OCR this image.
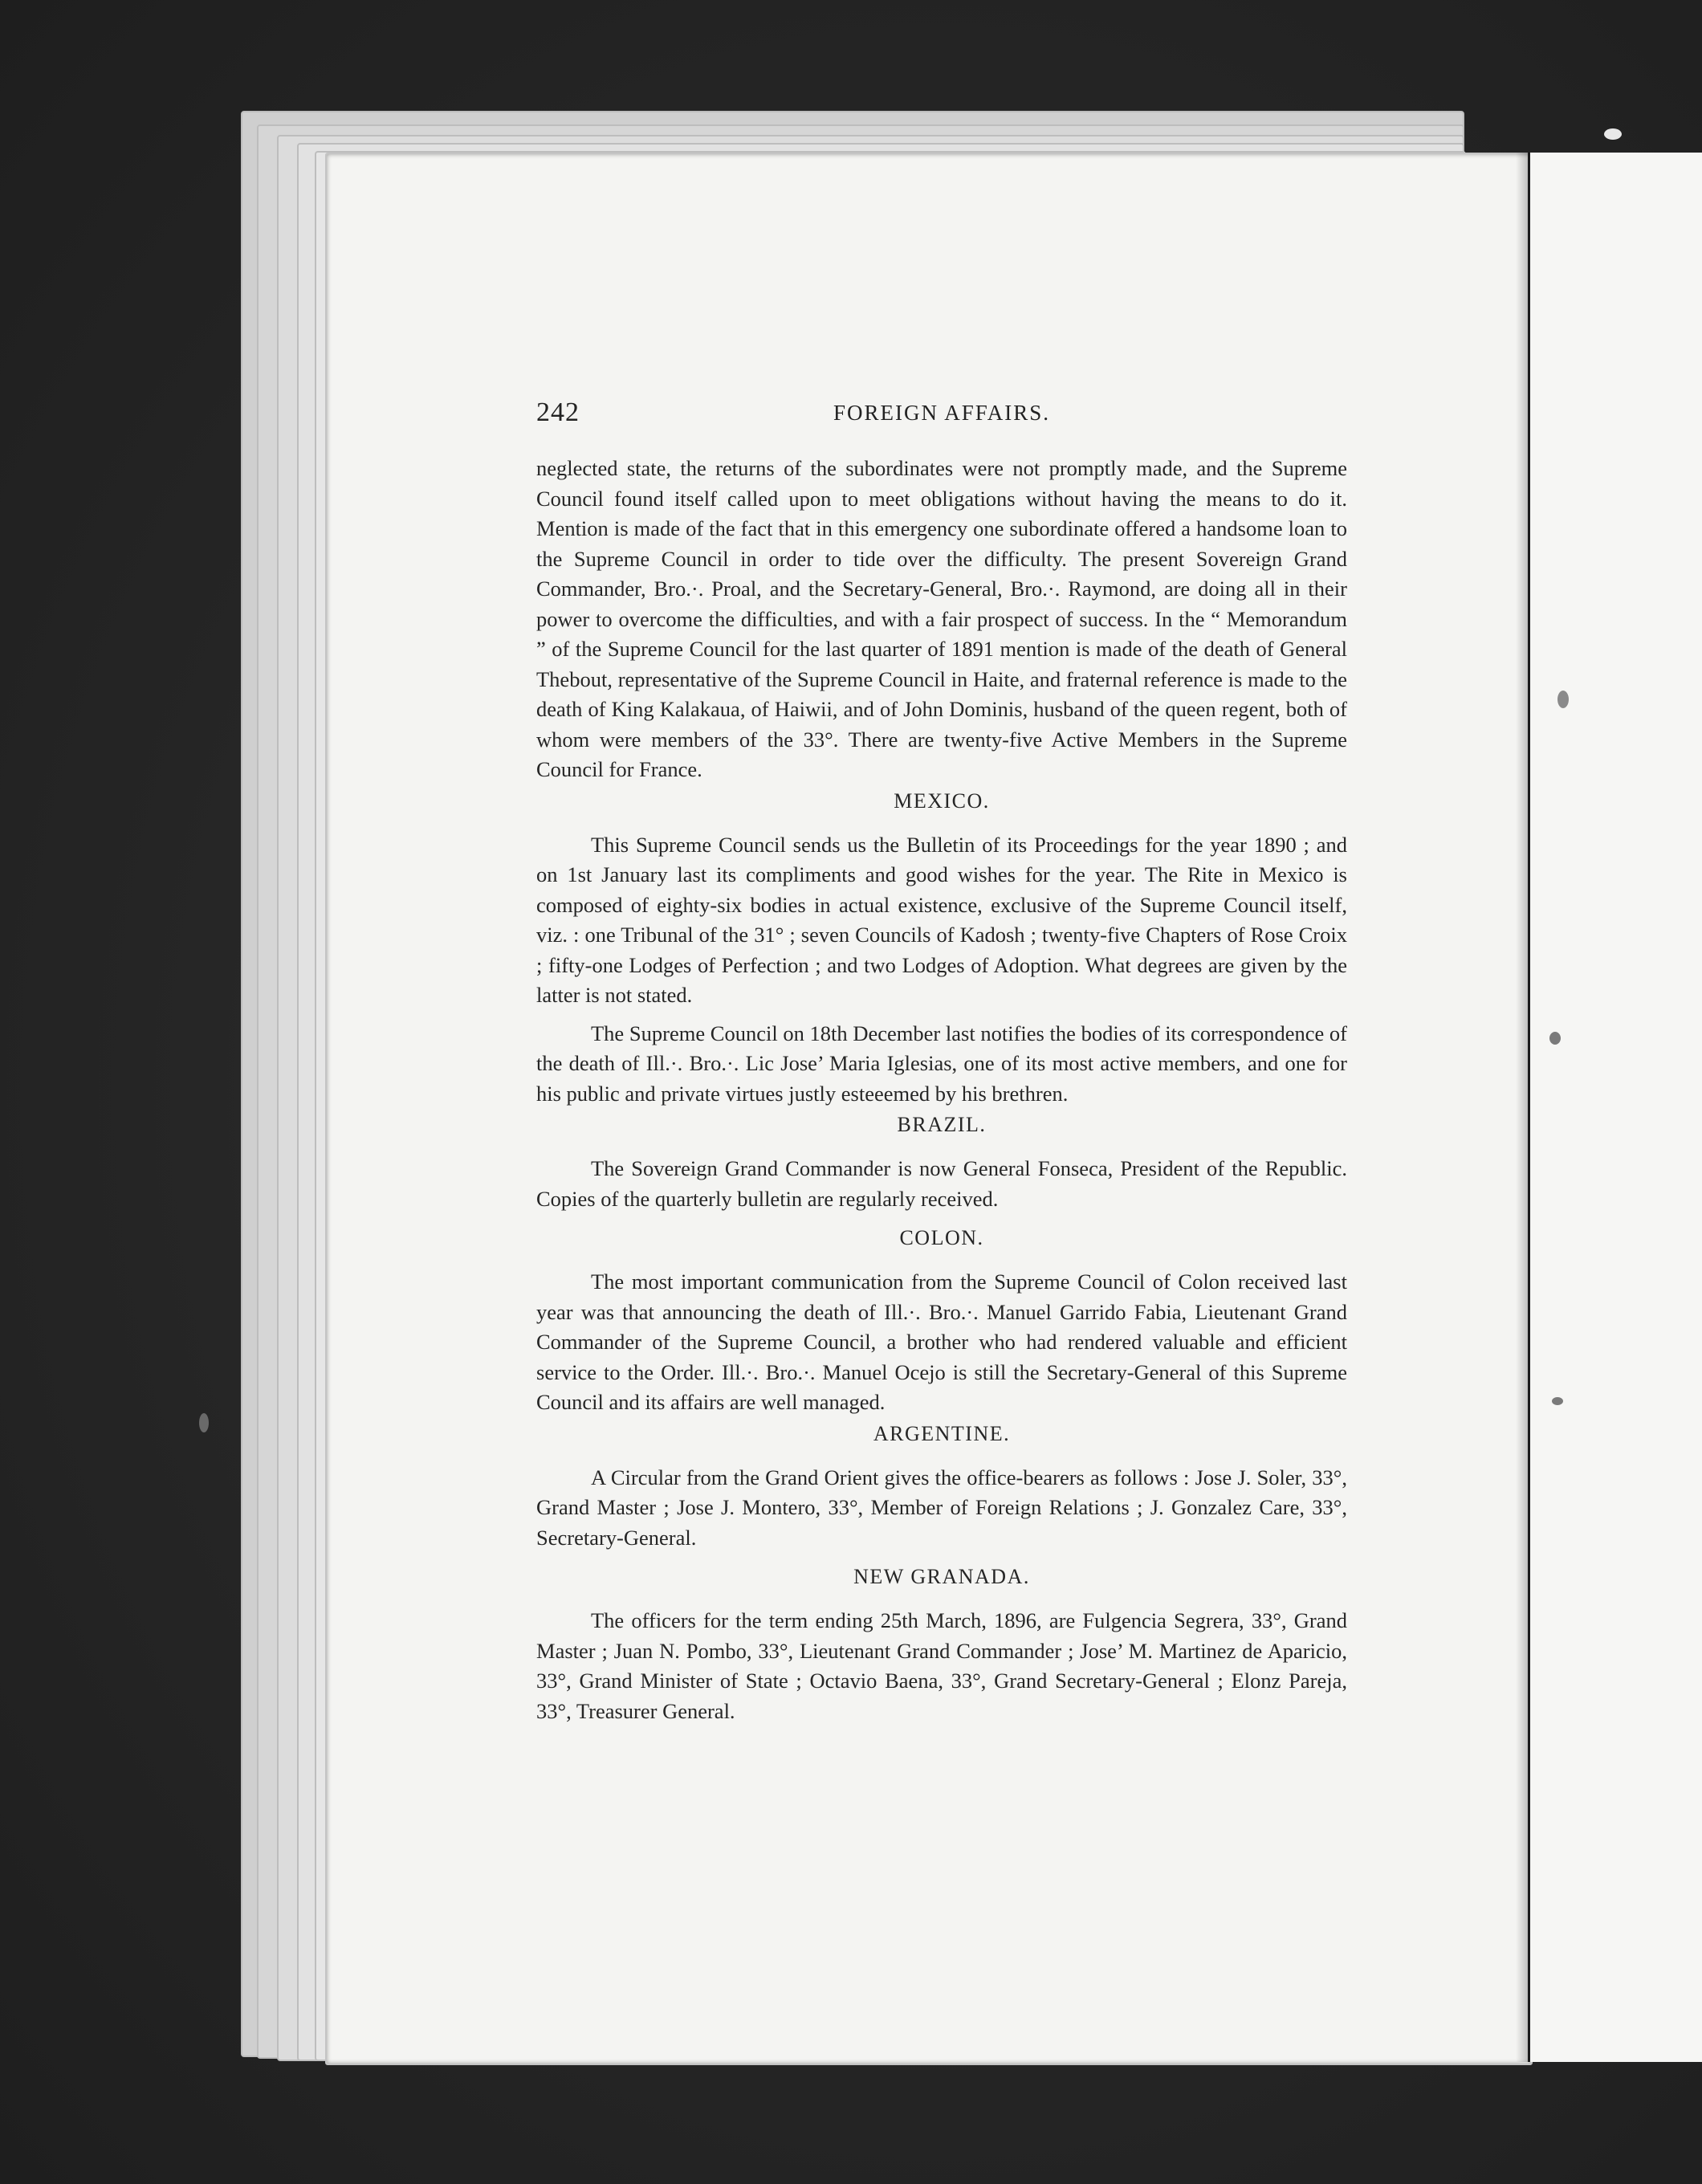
242	FOREIGN AFFAIRS.

neglected state, the returns of the subordinates were not promptly made, and the Supreme Council found itself called upon to meet obligations without having the means to do it. Mention is made of the fact that in this emergency one subordinate offered a handsome loan to the Supreme Council in order to tide over the difficulty. The present Sovereign Grand Commander, Bro.·. Proal, and the Secretary-General, Bro.·. Raymond, are doing all in their power to overcome the difficulties, and with a fair prospect of success. In the “ Memorandum ” of the Supreme Council for the last quarter of 1891 mention is made of the death of General Thebout, representative of the Supreme Council in Haite, and fraternal reference is made to the death of King Kalakaua, of Haiwii, and of John Dominis, husband of the queen regent, both of whom were members of the 33°. There are twenty-five Active Members in the Supreme Council for France.

MEXICO.

This Supreme Council sends us the Bulletin of its Proceedings for the year 1890 ; and on 1st January last its compliments and good wishes for the year. The Rite in Mexico is composed of eighty-six bodies in actual existence, exclusive of the Supreme Council itself, viz. : one Tribunal of the 31° ; seven Councils of Kadosh ; twenty-five Chapters of Rose Croix ; fifty-one Lodges of Perfection ; and two Lodges of Adoption. What degrees are given by the latter is not stated.

The Supreme Council on 18th December last notifies the bodies of its correspondence of the death of Ill.·. Bro.·. Lic Jose’ Maria Iglesias, one of its most active members, and one for his public and private virtues justly esteeemed by his brethren.

BRAZIL.

The Sovereign Grand Commander is now General Fonseca, President of the Republic. Copies of the quarterly bulletin are regularly received.

COLON.

The most important communication from the Supreme Council of Colon received last year was that announcing the death of Ill.·. Bro.·. Manuel Garrido Fabia, Lieutenant Grand Commander of the Supreme Council, a brother who had rendered valuable and efficient service to the Order. Ill.·. Bro.·. Manuel Ocejo is still the Secretary-General of this Supreme Council and its affairs are well managed.

ARGENTINE.

A Circular from the Grand Orient gives the office-bearers as follows : Jose J. Soler, 33°, Grand Master ; Jose J. Montero, 33°, Member of Foreign Relations ; J. Gonzalez Care, 33°, Secretary-General.

NEW GRANADA.

The officers for the term ending 25th March, 1896, are Fulgencia Segrera, 33°, Grand Master ; Juan N. Pombo, 33°, Lieutenant Grand Commander ; Jose’ M. Martinez de Aparicio, 33°, Grand Minister of State ; Octavio Baena, 33°, Grand Secretary-General ; Elonz Pareja, 33°, Treasurer General.
